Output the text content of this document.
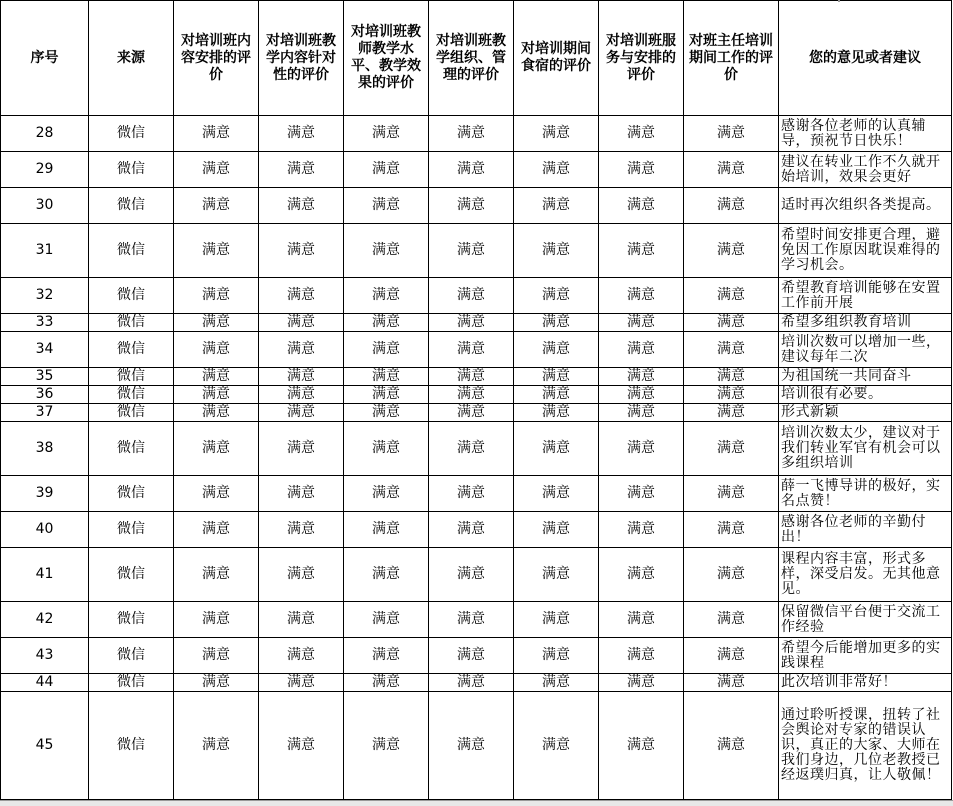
序号	来源	对培训班内容安排的评价	对培训班教学内容针对性的评价	对培训班教师教学水平、教学效果的评价	对培训班教学组织、管理的评价	对培训期间食宿的评价	对培训班服务与安排的评价	对班主任培训期间工作的评价	您的意见或者建议
28	微信	满意	满意	满意	满意	满意	满意	满意	感谢各位老师的认真辅导，预祝节日快乐！
29	微信	满意	满意	满意	满意	满意	满意	满意	建议在转业工作不久就开始培训，效果会更好
30	微信	满意	满意	满意	满意	满意	满意	满意	适时再次组织各类提高。
31	微信	满意	满意	满意	满意	满意	满意	满意	希望时间安排更合理，避免因工作原因耽误难得的学习机会。
32	微信	满意	满意	满意	满意	满意	满意	满意	希望教育培训能够在安置工作前开展
33	微信	满意	满意	满意	满意	满意	满意	满意	希望多组织教育培训
34	微信	满意	满意	满意	满意	满意	满意	满意	培训次数可以增加一些，建议每年二次
35	微信	满意	满意	满意	满意	满意	满意	满意	为祖国统一共同奋斗
36	微信	满意	满意	满意	满意	满意	满意	满意	培训很有必要。
37	微信	满意	满意	满意	满意	满意	满意	满意	形式新颖
38	微信	满意	满意	满意	满意	满意	满意	满意	培训次数太少，建议对于我们转业军官有机会可以多组织培训
39	微信	满意	满意	满意	满意	满意	满意	满意	薛一飞博导讲的极好，实名点赞！
40	微信	满意	满意	满意	满意	满意	满意	满意	感谢各位老师的辛勤付出！
41	微信	满意	满意	满意	满意	满意	满意	满意	课程内容丰富，形式多样，深受启发。无其他意见。
42	微信	满意	满意	满意	满意	满意	满意	满意	保留微信平台便于交流工作经验
43	微信	满意	满意	满意	满意	满意	满意	满意	希望今后能增加更多的实践课程
44	微信	满意	满意	满意	满意	满意	满意	满意	此次培训非常好！
45	微信	满意	满意	满意	满意	满意	满意	满意	通过聆听授课，扭转了社会舆论对专家的错误认识，真正的大家、大师在我们身边，几位老教授已经返璞归真，让人敬佩！
